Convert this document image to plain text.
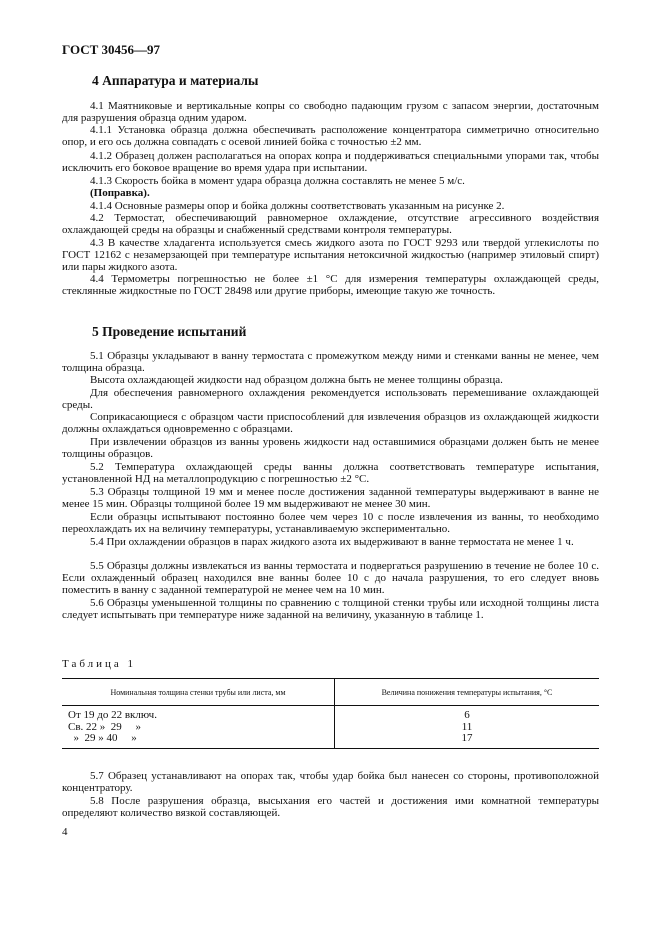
ГОСТ 30456—97
4 Аппаратура и материалы
4.1 Маятниковые и вертикальные копры со свободно падающим грузом с запасом энергии, достаточным для разрушения образца одним ударом.
4.1.1 Установка образца должна обеспечивать расположение концентратора симметрично относительно опор, и его ось должна совпадать с осевой линией бойка с точностью ±2 мм.
4.1.2 Образец должен располагаться на опорах копра и поддерживаться специальными упорами так, чтобы исключить его боковое вращение во время удара при испытании.
4.1.3 Скорость бойка в момент удара образца должна составлять не менее 5 м/с.
(Поправка).
4.1.4 Основные размеры опор и бойка должны соответствовать указанным на рисунке 2.
4.2 Термостат, обеспечивающий равномерное охлаждение, отсутствие агрессивного воздействия охлаждающей среды на образцы и снабженный средствами контроля температуры.
4.3 В качестве хладагента используется смесь жидкого азота по ГОСТ 9293 или твердой углекислоты по ГОСТ 12162 с незамерзающей при температуре испытания нетоксичной жидкостью (например этиловый спирт) или пары жидкого азота.
4.4 Термометры погрешностью не более ±1 °С для измерения температуры охлаждающей среды, стеклянные жидкостные по ГОСТ 28498 или другие приборы, имеющие такую же точность.
5 Проведение испытаний
5.1 Образцы укладывают в ванну термостата с промежутком между ними и стенками ванны не менее, чем толщина образца.
Высота охлаждающей жидкости над образцом должна быть не менее толщины образца.
Для обеспечения равномерного охлаждения рекомендуется использовать перемешивание охлаждающей среды.
Соприкасающиеся с образцом части приспособлений для извлечения образцов из охлаждающей жидкости должны охлаждаться одновременно с образцами.
При извлечении образцов из ванны уровень жидкости над оставшимися образцами должен быть не менее толщины образцов.
5.2 Температура охлаждающей среды ванны должна соответствовать температуре испытания, установленной НД на металлопродукцию с погрешностью ±2 °С.
5.3 Образцы толщиной 19 мм и менее после достижения заданной температуры выдерживают в ванне не менее 15 мин. Образцы толщиной более 19 мм выдерживают не менее 30 мин.
Если образцы испытывают постоянно более чем через 10 с после извлечения из ванны, то необходимо переохлаждать их на величину температуры, устанавливаемую экспериментально.
5.4 При охлаждении образцов в парах жидкого азота их выдерживают в ванне термостата не менее 1 ч.
5.5 Образцы должны извлекаться из ванны термостата и подвергаться разрушению в течение не более 10 с. Если охлажденный образец находился вне ванны более 10 с до начала разрушения, то его следует вновь поместить в ванну с заданной температурой не менее чем на 10 мин.
5.6 Образцы уменьшенной толщины по сравнению с толщиной стенки трубы или исходной толщины листа следует испытывать при температуре ниже заданной на величину, указанную в таблице 1.
Таблица 1
Номинальная толщина стенки трубы или листа, мм	Величина понижения температуры испытания, °С
От 19 до 22 включ.	6
Св. 22 »  29     »	11
»  29 » 40     »	17
5.7 Образец устанавливают на опорах так, чтобы удар бойка был нанесен со стороны, противоположной концентратору.
5.8 После разрушения образца, высыхания его частей и достижения ими комнатной температуры определяют количество вязкой составляющей.
4
